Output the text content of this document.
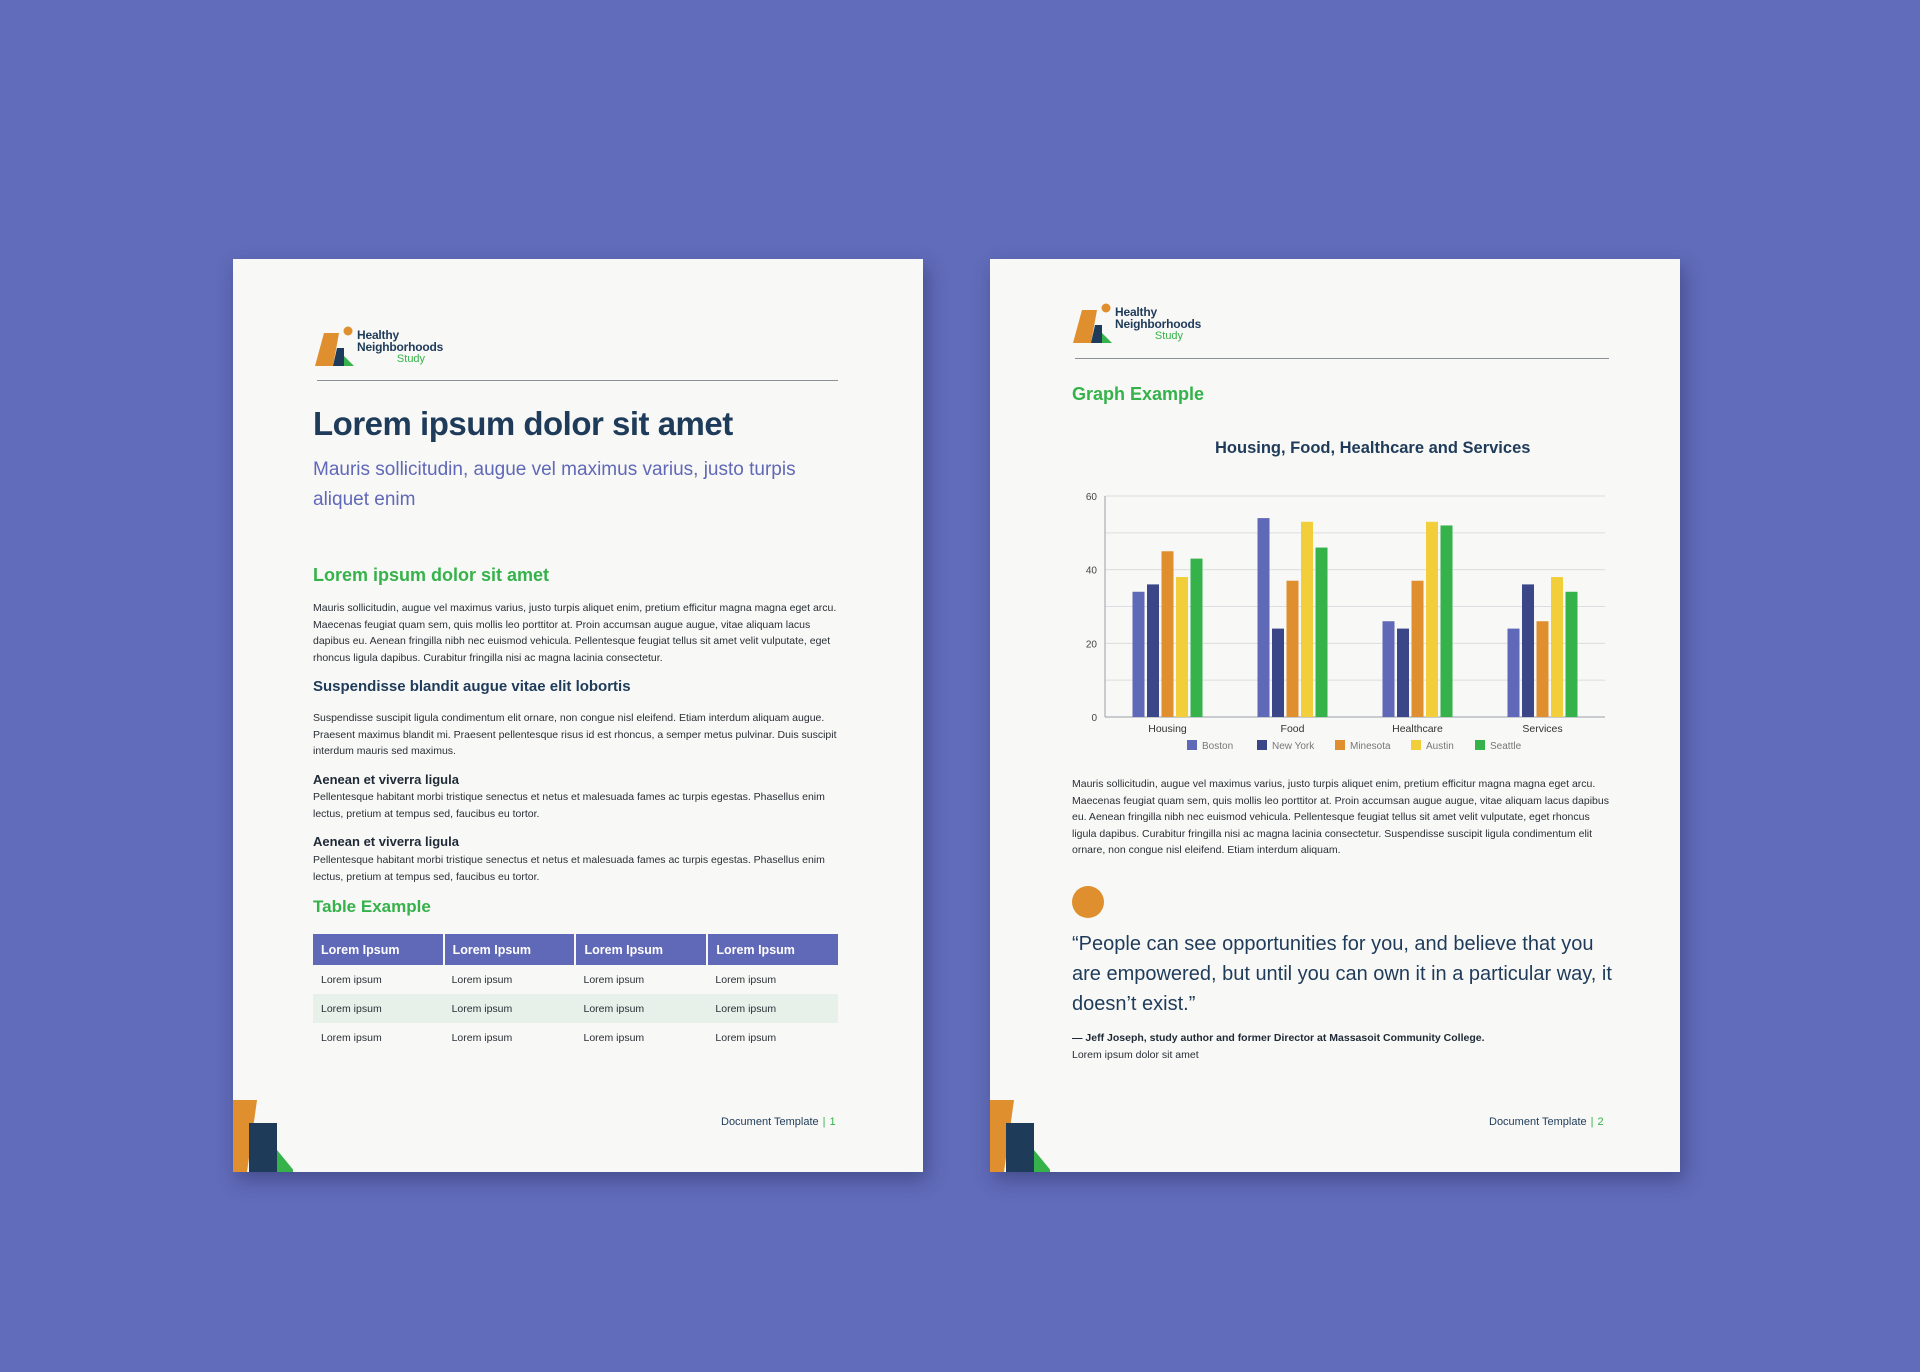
Healthy
Neighborhoods
Study
Lorem ipsum dolor sit amet
Mauris sollicitudin, augue vel maximus varius, justo turpis aliquet enim
Lorem ipsum dolor sit amet
Mauris sollicitudin, augue vel maximus varius, justo turpis aliquet enim, pretium efficitur magna magna eget arcu. Maecenas feugiat quam sem, quis mollis leo porttitor at. Proin accumsan augue augue, vitae aliquam lacus dapibus eu. Aenean fringilla nibh nec euismod vehicula. Pellentesque feugiat tellus sit amet velit vulputate, eget rhoncus ligula dapibus. Curabitur fringilla nisi ac magna lacinia consectetur.
Suspendisse blandit augue vitae elit lobortis
Suspendisse suscipit ligula condimentum elit ornare, non congue nisl eleifend. Etiam interdum aliquam augue. Praesent maximus blandit mi. Praesent pellentesque risus id est rhoncus, a semper metus pulvinar. Duis suscipit interdum mauris sed maximus.
Aenean et viverra ligula
Pellentesque habitant morbi tristique senectus et netus et malesuada fames ac turpis egestas. Phasellus enim lectus, pretium at tempus sed, faucibus eu tortor.
Aenean et viverra ligula
Pellentesque habitant morbi tristique senectus et netus et malesuada fames ac turpis egestas. Phasellus enim lectus, pretium at tempus sed, faucibus eu tortor.
Table Example
Lorem Ipsum	Lorem Ipsum	Lorem Ipsum	Lorem Ipsum
Lorem ipsum	Lorem ipsum	Lorem ipsum	Lorem ipsum
Lorem ipsum	Lorem ipsum	Lorem ipsum	Lorem ipsum
Lorem ipsum	Lorem ipsum	Lorem ipsum	Lorem ipsum
Document Template | 1
Healthy
Neighborhoods
Study
Graph Example
Housing, Food, Healthcare and Services
0
20
40
60
Housing	Food	Healthcare	Services
Boston	New York	Minesota	Austin	Seattle
Mauris sollicitudin, augue vel maximus varius, justo turpis aliquet enim, pretium efficitur magna magna eget arcu. Maecenas feugiat quam sem, quis mollis leo porttitor at. Proin accumsan augue augue, vitae aliquam lacus dapibus eu. Aenean fringilla nibh nec euismod vehicula. Pellentesque feugiat tellus sit amet velit vulputate, eget rhoncus ligula dapibus. Curabitur fringilla nisi ac magna lacinia consectetur. Suspendisse suscipit ligula condimentum elit ornare, non congue nisl eleifend. Etiam interdum aliquam.
“People can see opportunities for you, and believe that you are empowered, but until you can own it in a particular way, it doesn’t exist.”
— Jeff Joseph, study author and former Director at Massasoit Community College.
Lorem ipsum dolor sit amet
Document Template | 2
